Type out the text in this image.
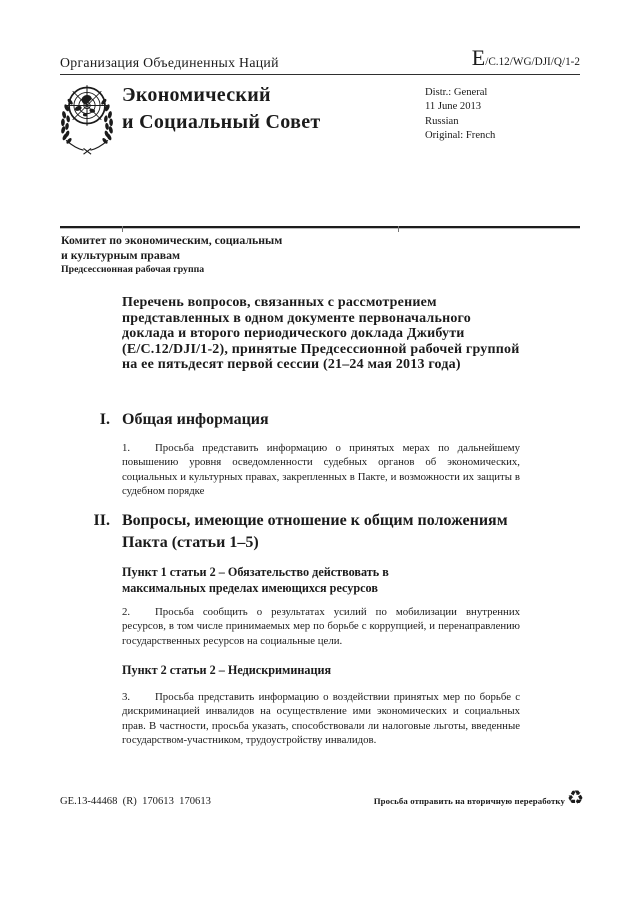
Организация Объединенных Наций	E/C.12/WG/DJI/Q/1-2
Экономический
и Социальный Совет
Distr.: General
11 June 2013
Russian
Original: French
Комитет по экономическим, социальным
и культурным правам
Предсессионная рабочая группа
Перечень вопросов, связанных с рассмотрением представленных в одном документе первоначального доклада и второго периодического доклада Джибути (E/C.12/DJI/1-2), принятые Предсессионной рабочей группой на ее пятьдесят первой сессии (21–24 мая 2013 года)
I. Общая информация

1. Просьба представить информацию о принятых мерах по дальнейшему повышению уровня осведомленности судебных органов об экономических, социальных и культурных правах, закрепленных в Пакте, и возможности их защиты в судебном порядке

II. Вопросы, имеющие отношение к общим положениям Пакта (статьи 1–5)
Пункт 1 статьи 2 – Обязательство действовать в максимальных пределах имеющихся ресурсов

2. Просьба сообщить о результатах усилий по мобилизации внутренних ресурсов, в том числе принимаемых мер по борьбе с коррупцией, и перенаправлению государственных ресурсов на социальные цели.

Пункт 2 статьи 2 – Недискриминация

3. Просьба представить информацию о воздействии принятых мер по борьбе с дискриминацией инвалидов на осуществление ими экономических и социальных прав. В частности, просьба указать, способствовали ли налоговые льготы, введенные государством-участником, трудоустройству инвалидов.

GE.13-44468  (R)  170613  170613	Просьба отправить на вторичную переработку ♻
